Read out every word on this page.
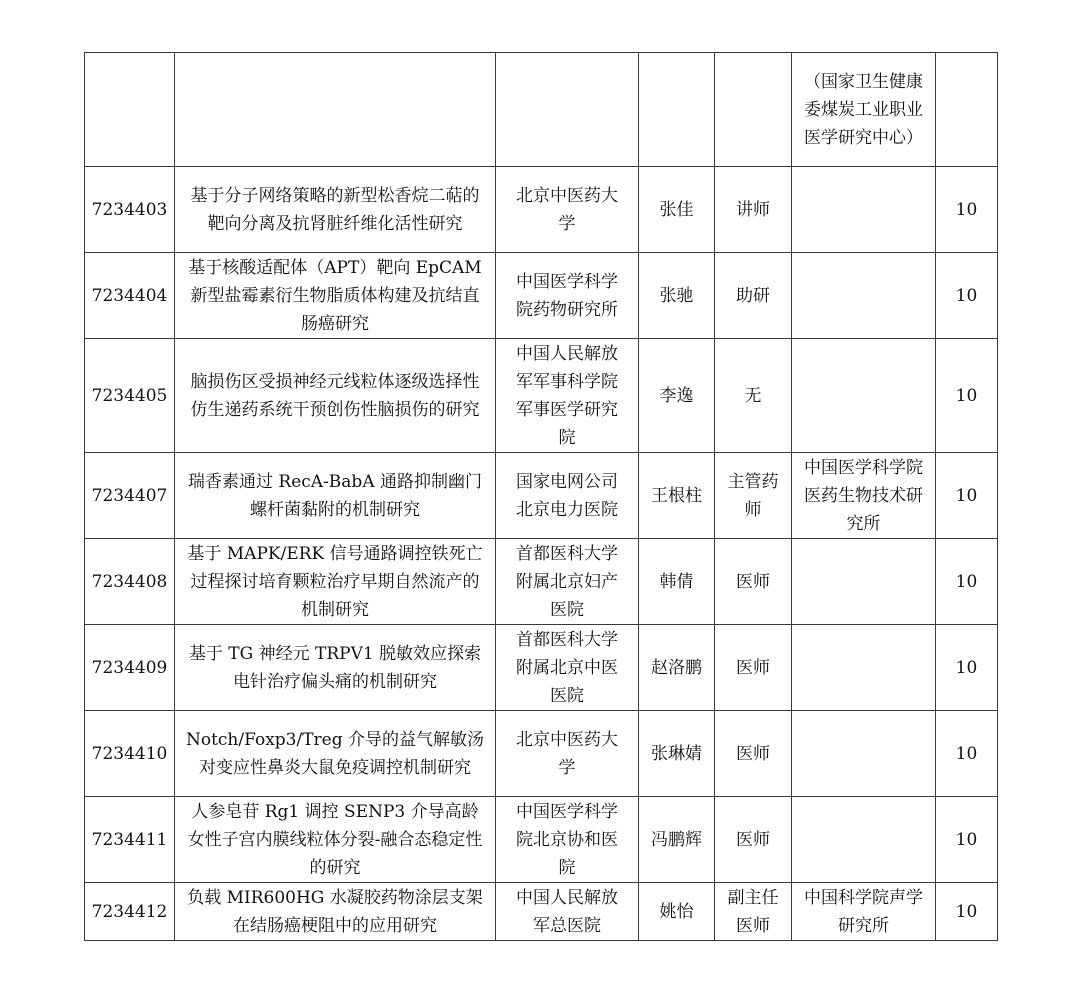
					（国家卫生健康委煤炭工业职业医学研究中心）	
7234403	基于分子网络策略的新型松香烷二萜的靶向分离及抗肾脏纤维化活性研究	北京中医药大学	张佳	讲师		10
7234404	基于核酸适配体（APT）靶向 EpCAM 新型盐霉素衍生物脂质体构建及抗结直肠癌研究	中国医学科学院药物研究所	张驰	助研		10
7234405	脑损伤区受损神经元线粒体逐级选择性仿生递药系统干预创伤性脑损伤的研究	中国人民解放军军事科学院军事医学研究院	李逸	无		10
7234407	瑞香素通过 RecA-BabA 通路抑制幽门螺杆菌黏附的机制研究	国家电网公司北京电力医院	王根柱	主管药师	中国医学科学院医药生物技术研究所	10
7234408	基于 MAPK/ERK 信号通路调控铁死亡过程探讨培育颗粒治疗早期自然流产的机制研究	首都医科大学附属北京妇产医院	韩倩	医师		10
7234409	基于 TG 神经元 TRPV1 脱敏效应探索电针治疗偏头痛的机制研究	首都医科大学附属北京中医医院	赵洛鹏	医师		10
7234410	Notch/Foxp3/Treg 介导的益气解敏汤对变应性鼻炎大鼠免疫调控机制研究	北京中医药大学	张琳婧	医师		10
7234411	人参皂苷 Rg1 调控 SENP3 介导高龄女性子宫内膜线粒体分裂-融合态稳定性的研究	中国医学科学院北京协和医院	冯鹏辉	医师		10
7234412	负载 MIR600HG 水凝胶药物涂层支架在结肠癌梗阻中的应用研究	中国人民解放军总医院	姚怡	副主任医师	中国科学院声学研究所	10
